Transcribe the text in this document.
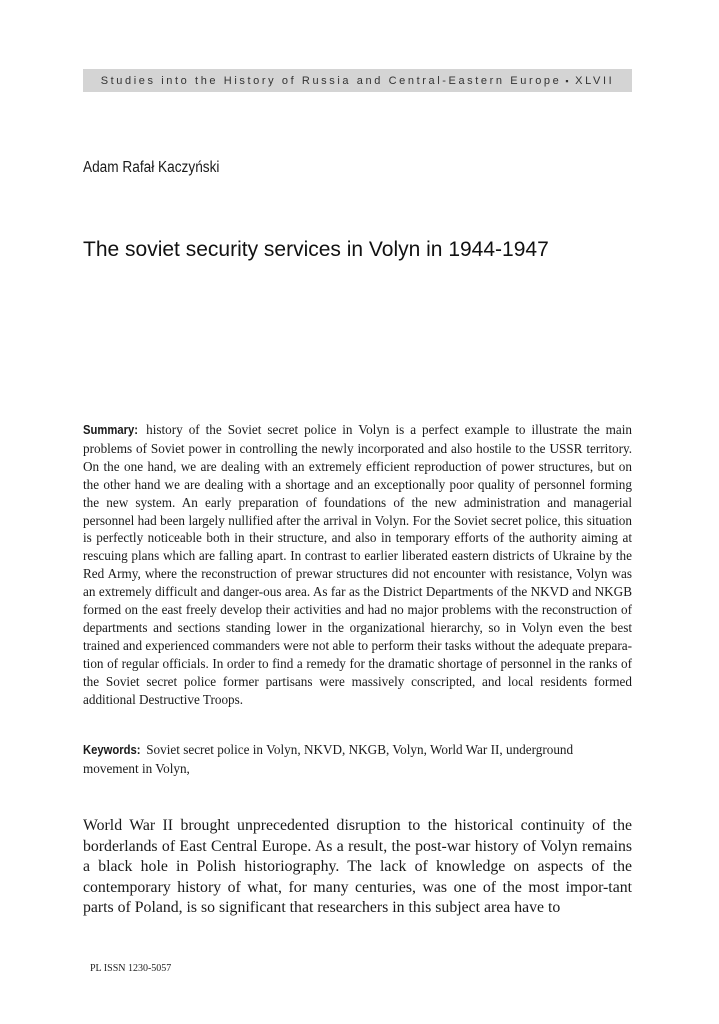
Studies into the History of Russia and Central-Eastern Europe ▪ XLVII
Adam Rafał Kaczyński
The soviet security services in Volyn in 1944-1947

Summary: history of the Soviet secret police in Volyn is a perfect example to illustrate the main problems of Soviet power in controlling the newly incorporated and also hostile to the USSR territory. On the one hand, we are dealing with an extremely efficient reproduction of power structures, but on the other hand we are dealing with a shortage and an exceptionally poor quality of personnel forming the new system. An early preparation of foundations of the new administration and managerial personnel had been largely nullified after the arrival in Volyn. For the Soviet secret police, this situation is perfectly noticeable both in their structure, and also in temporary efforts of the authority aiming at rescuing plans which are falling apart. In contrast to earlier liberated eastern districts of Ukraine by the Red Army, where the reconstruction of prewar structures did not encounter with resistance, Volyn was an extremely difficult and danger-ous area. As far as the District Departments of the NKVD and NKGB formed on the east freely develop their activities and had no major problems with the reconstruction of departments and sections standing lower in the organizational hierarchy, so in Volyn even the best trained and experienced commanders were not able to perform their tasks without the adequate prepara-tion of regular officials. In order to find a remedy for the dramatic shortage of personnel in the ranks of the Soviet secret police former partisans were massively conscripted, and local residents formed additional Destructive Troops.

Keywords: Soviet secret police in Volyn, NKVD, NKGB, Volyn, World War II, underground movement in Volyn,

World War II brought unprecedented disruption to the historical continuity of the borderlands of East Central Europe. As a result, the post-war history of Volyn remains a black hole in Polish historiography. The lack of knowledge on aspects of the contemporary history of what, for many centuries, was one of the most impor-tant parts of Poland, is so significant that researchers in this subject area have to

PL ISSN 1230-5057
